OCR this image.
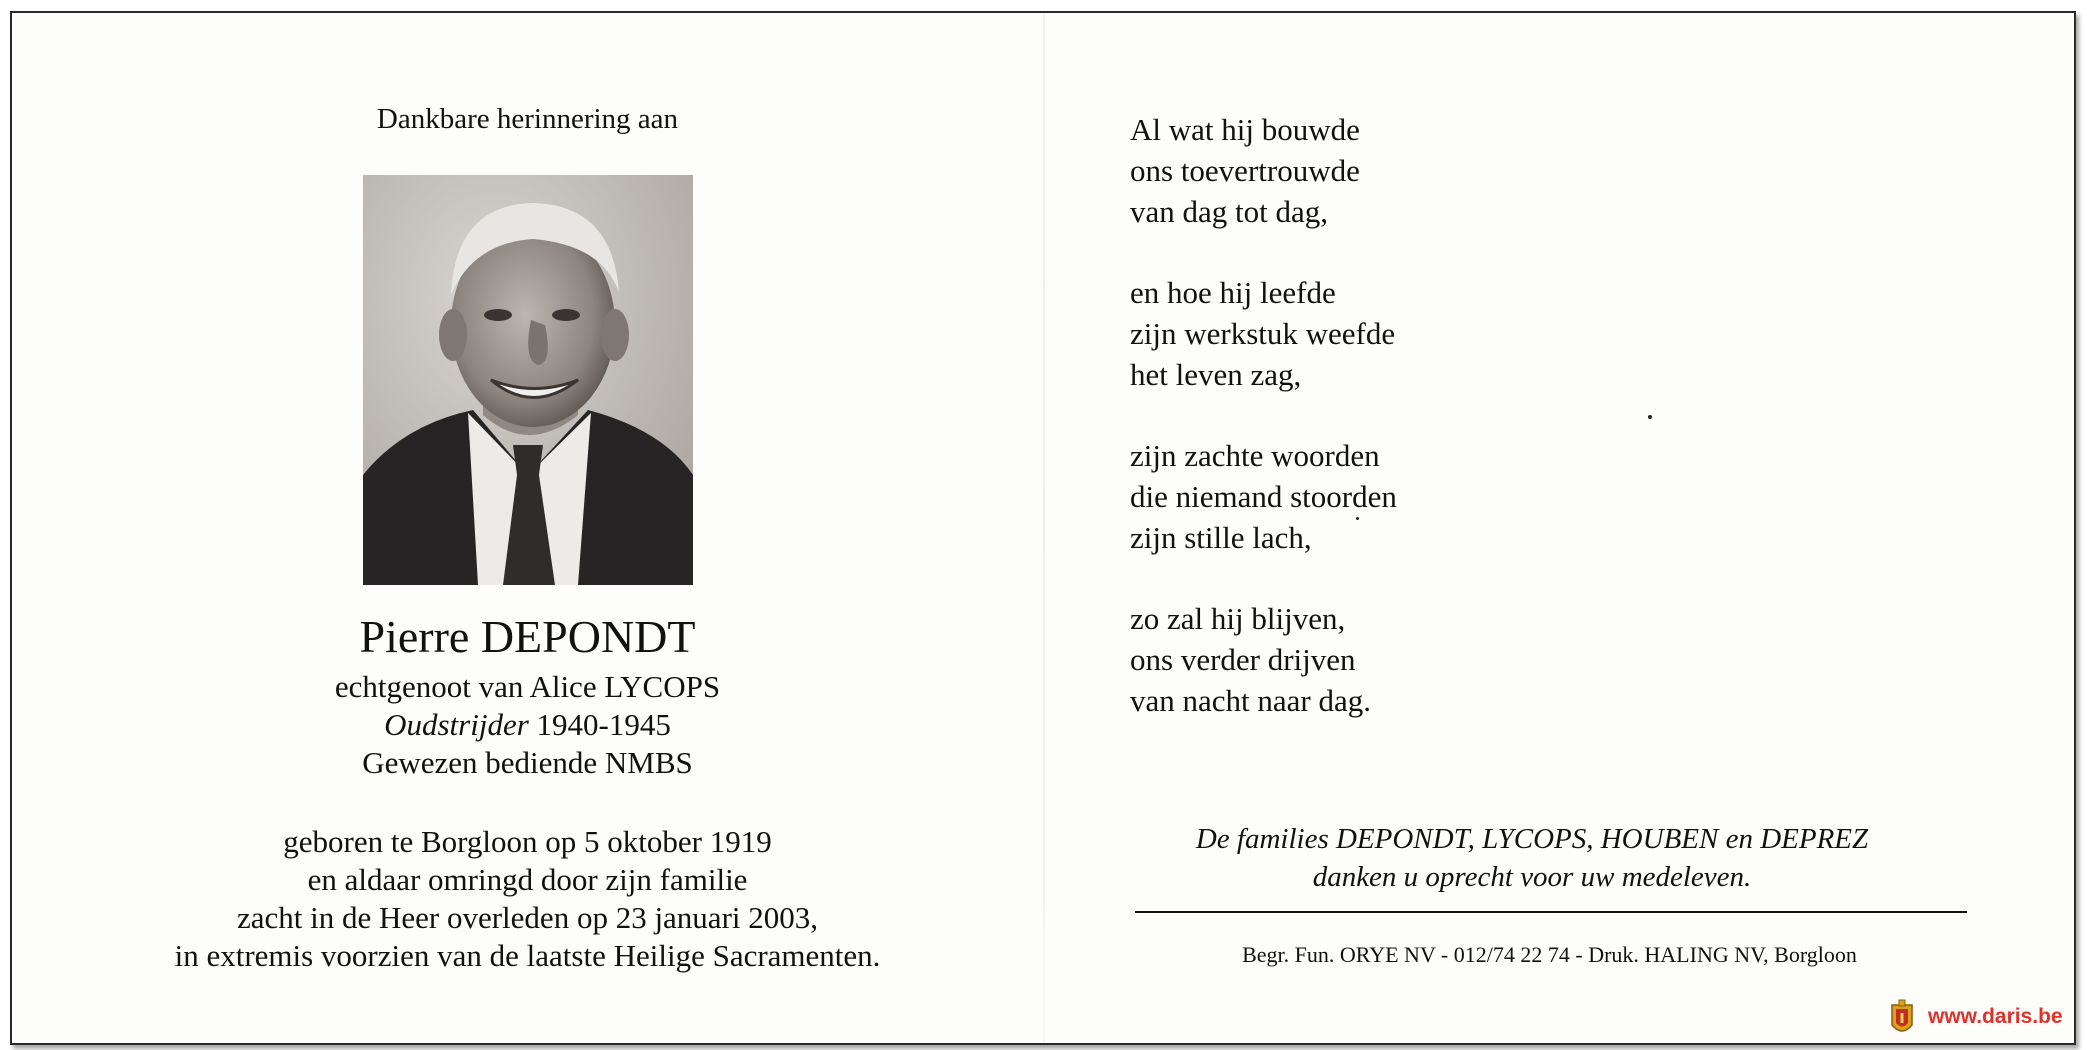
Dankbare herinnering aan
Pierre DEPONDT
echtgenoot van Alice LYCOPS
Oudstrijder 1940-1945
Gewezen bediende NMBS
geboren te Borgloon op 5 oktober 1919
en aldaar omringd door zijn familie
zacht in de Heer overleden op 23 januari 2003,
in extremis voorzien van de laatste Heilige Sacramenten.
Al wat hij bouwde
ons toevertrouwde
van dag tot dag,
en hoe hij leefde
zijn werkstuk weefde
het leven zag,
zijn zachte woorden
die niemand stoorden
zijn stille lach,
zo zal hij blijven,
ons verder drijven
van nacht naar dag.
De families DEPONDT, LYCOPS, HOUBEN en DEPREZ
danken u oprecht voor uw medeleven.
Begr. Fun. ORYE NV - 012/74 22 74 - Druk. HALING NV, Borgloon
www.daris.be
